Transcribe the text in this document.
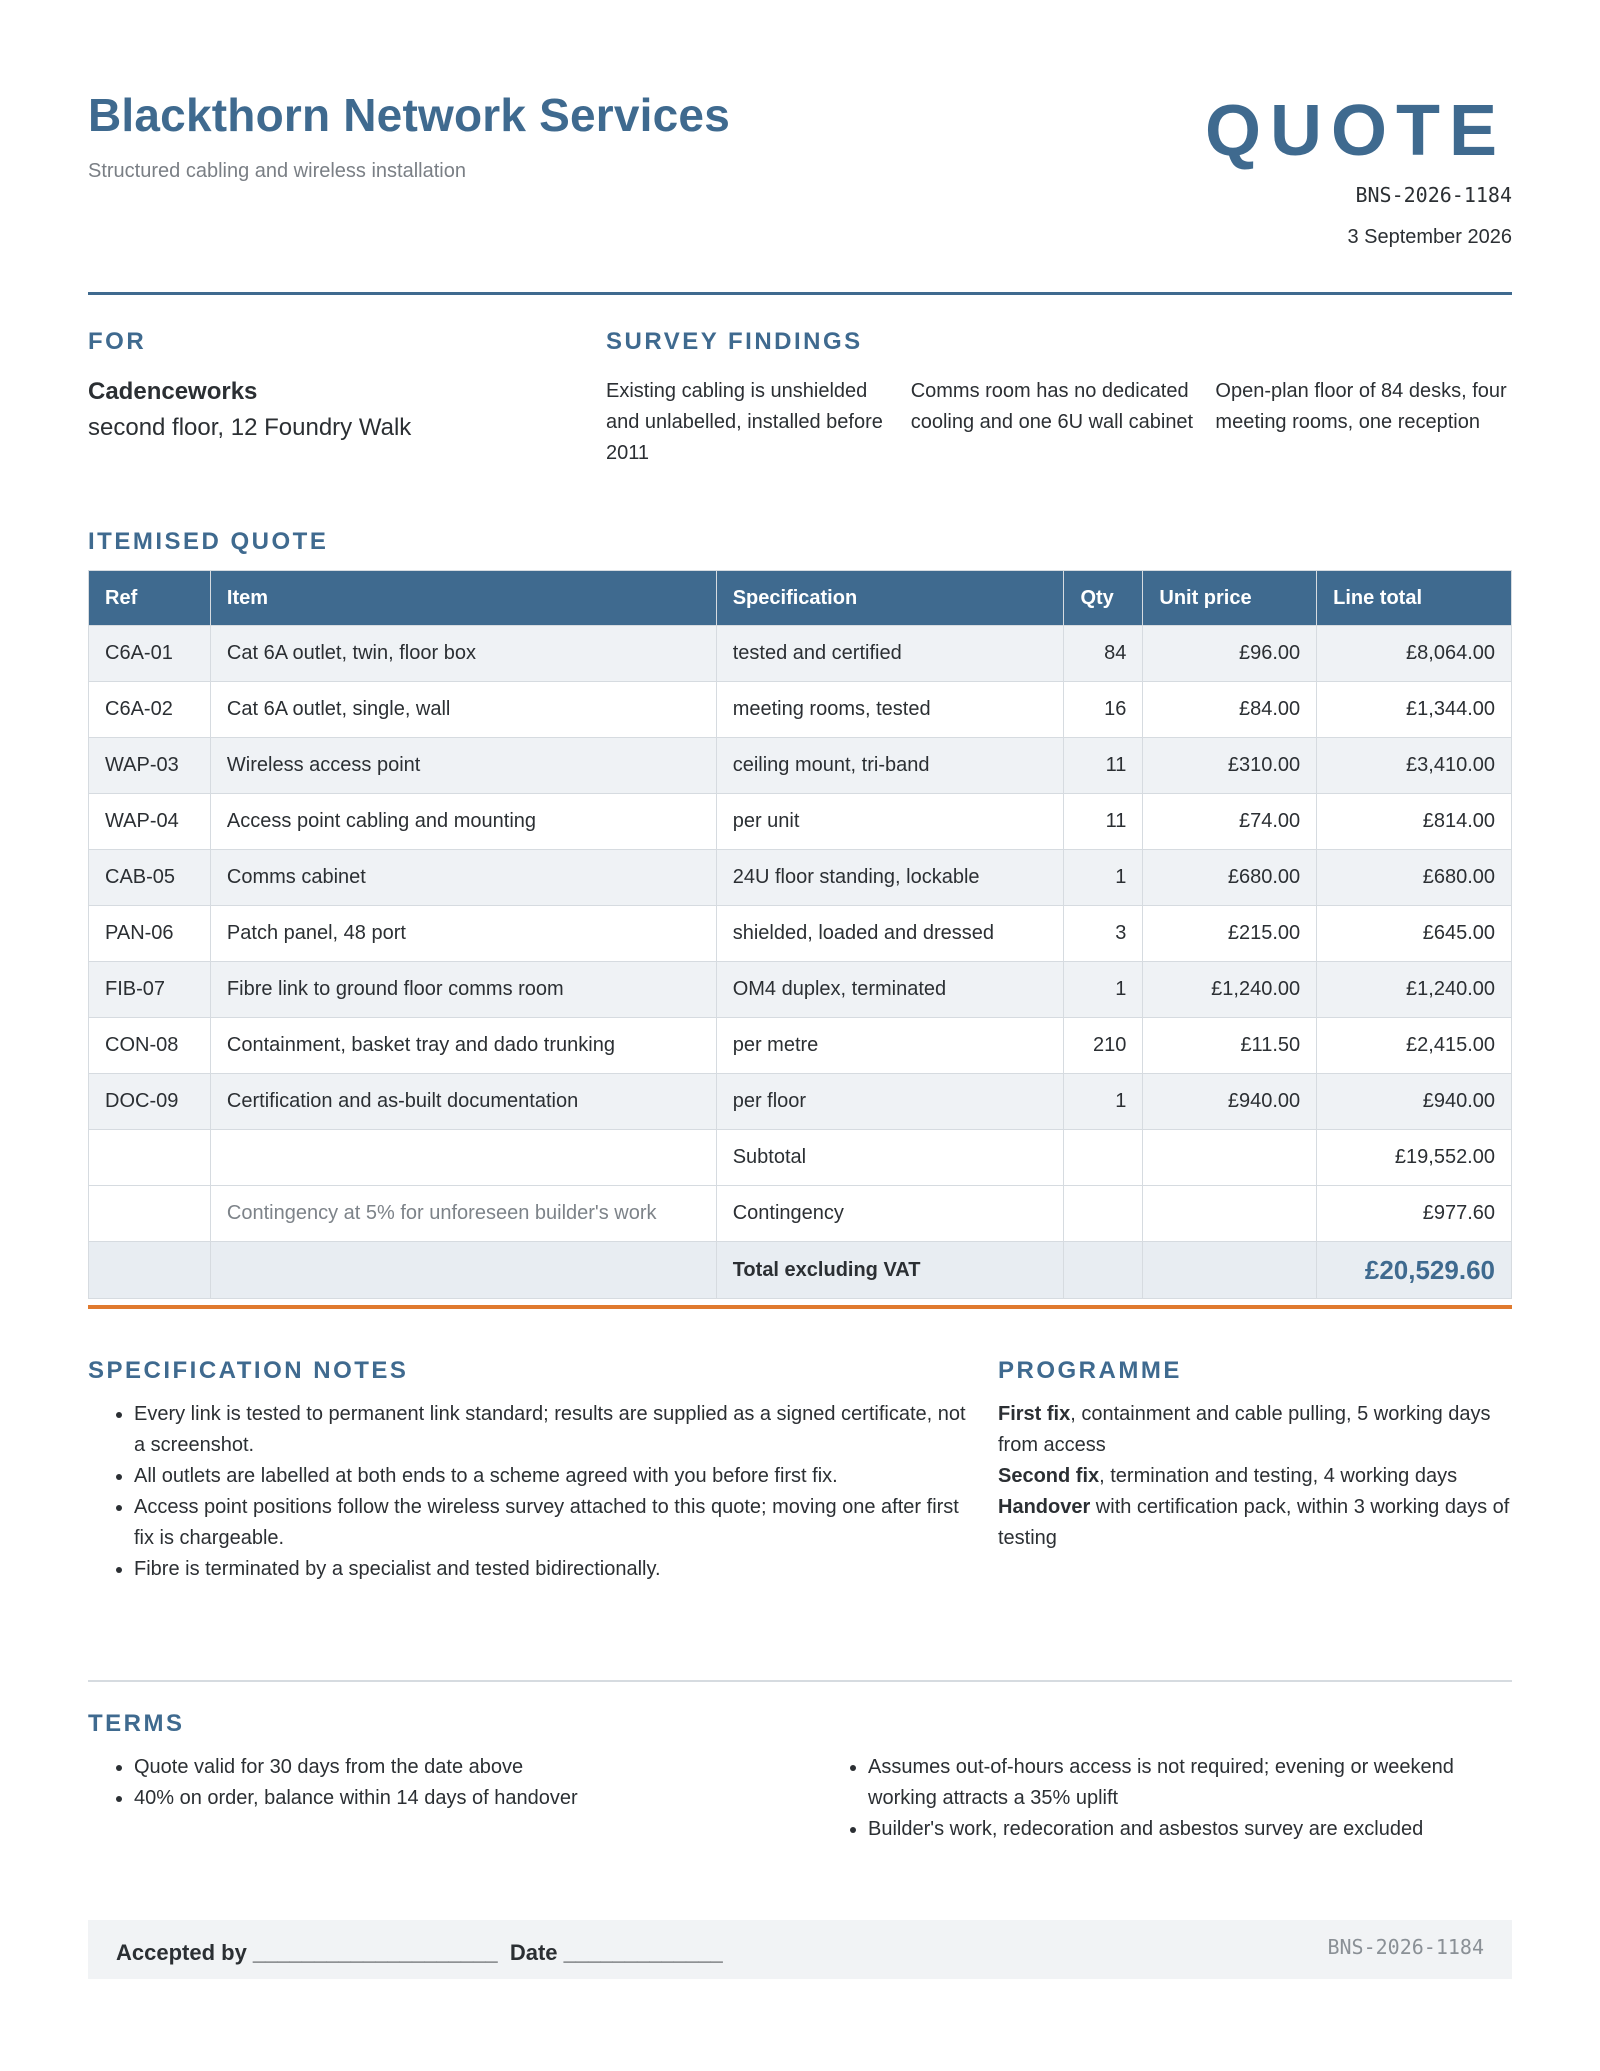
Blackthorn Network Services
Structured cabling and wireless installation	QUOTE
BNS-2026-1184
3 September 2026
FOR
Cadenceworks
second floor, 12 Foundry Walk
SURVEY FINDINGS
Existing cabling is unshielded and unlabelled, installed before 2011
Comms room has no dedicated cooling and one 6U wall cabinet
Open-plan floor of 84 desks, four meeting rooms, one reception
ITEMISED QUOTE
Ref	Item	Specification	Qty	Unit price	Line total
C6A-01	Cat 6A outlet, twin, floor box	tested and certified	84	£96.00	£8,064.00
C6A-02	Cat 6A outlet, single, wall	meeting rooms, tested	16	£84.00	£1,344.00
WAP-03	Wireless access point	ceiling mount, tri-band	11	£310.00	£3,410.00
WAP-04	Access point cabling and mounting	per unit	11	£74.00	£814.00
CAB-05	Comms cabinet	24U floor standing, lockable	1	£680.00	£680.00
PAN-06	Patch panel, 48 port	shielded, loaded and dressed	3	£215.00	£645.00
FIB-07	Fibre link to ground floor comms room	OM4 duplex, terminated	1	£1,240.00	£1,240.00
CON-08	Containment, basket tray and dado trunking	per metre	210	£11.50	£2,415.00
DOC-09	Certification and as-built documentation	per floor	1	£940.00	£940.00
		Subtotal			£19,552.00
	Contingency at 5% for unforeseen builder's work	Contingency			£977.60
		Total excluding VAT			£20,529.60
SPECIFICATION NOTES
• Every link is tested to permanent link standard; results are supplied as a signed certificate, not a screenshot.
• All outlets are labelled at both ends to a scheme agreed with you before first fix.
• Access point positions follow the wireless survey attached to this quote; moving one after first fix is chargeable.
• Fibre is terminated by a specialist and tested bidirectionally.
PROGRAMME
First fix, containment and cable pulling, 5 working days from access
Second fix, termination and testing, 4 working days
Handover with certification pack, within 3 working days of testing
TERMS
• Quote valid for 30 days from the date above
• 40% on order, balance within 14 days of handover
• Assumes out-of-hours access is not required; evening or weekend working attracts a 35% uplift
• Builder's work, redecoration and asbestos survey are excluded
Accepted by ____________________  Date _____________	BNS-2026-1184
